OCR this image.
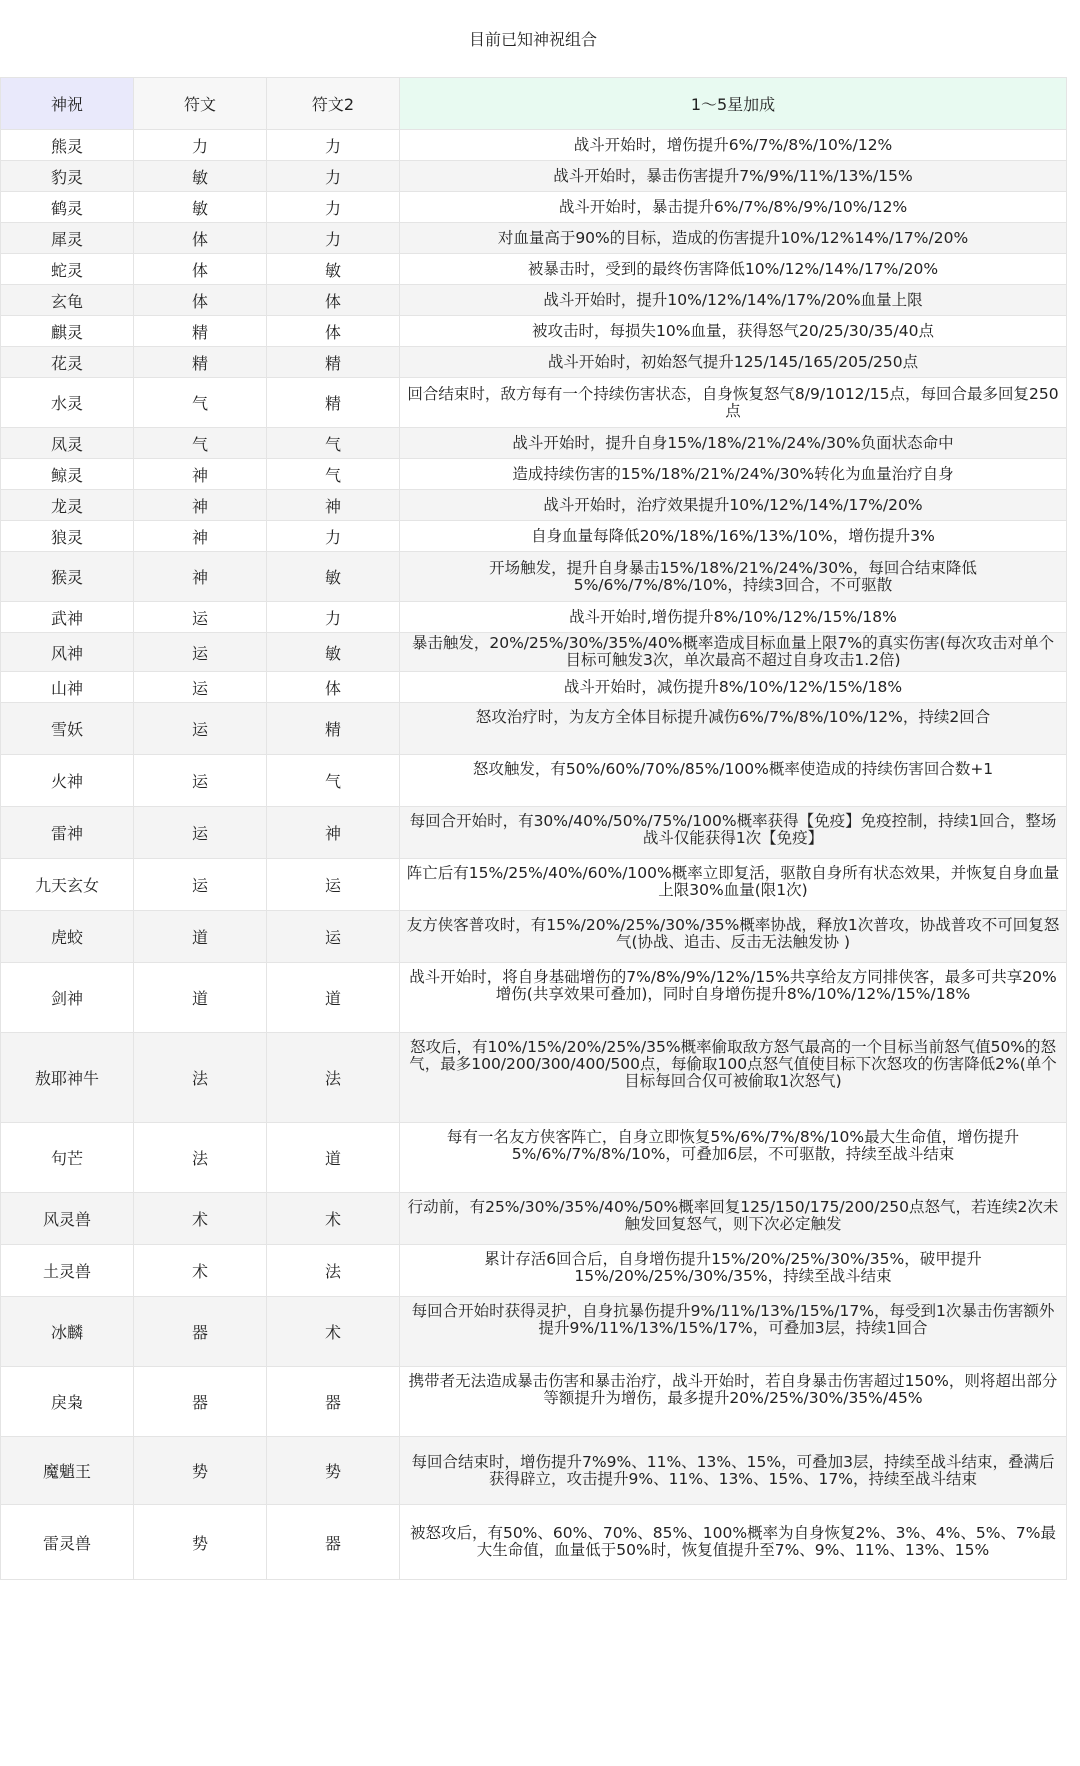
目前已知神祝组合
神祝	符文	符文2	1～5星加成
熊灵	力	力	战斗开始时，增伤提升6%/7%/8%/10%/12%
豹灵	敏	力	战斗开始时，暴击伤害提升7%/9%/11%/13%/15%
鹤灵	敏	力	战斗开始时，暴击提升6%/7%/8%/9%/10%/12%
犀灵	体	力	对血量高于90%的目标，造成的伤害提升10%/12%14%/17%/20%
蛇灵	体	敏	被暴击时，受到的最终伤害降低10%/12%/14%/17%/20%
玄龟	体	体	战斗开始时，提升10%/12%/14%/17%/20%血量上限
麒灵	精	体	被攻击时，每损失10%血量，获得怒气20/25/30/35/40点
花灵	精	精	战斗开始时，初始怒气提升125/145/165/205/250点
水灵	气	精	回合结束时，敌方每有一个持续伤害状态，自身恢复怒气8/9/1012/15点，每回合最多回复250点
凤灵	气	气	战斗开始时，提升自身15%/18%/21%/24%/30%负面状态命中
鲸灵	神	气	造成持续伤害的15%/18%/21%/24%/30%转化为血量治疗自身
龙灵	神	神	战斗开始时，治疗效果提升10%/12%/14%/17%/20%
狼灵	神	力	自身血量每降低20%/18%/16%/13%/10%，增伤提升3%
猴灵	神	敏	开场触发，提升自身暴击15%/18%/21%/24%/30%，每回合结束降低5%/6%/7%/8%/10%，持续3回合，不可驱散
武神	运	力	战斗开始时,增伤提升8%/10%/12%/15%/18%
风神	运	敏	暴击触发，20%/25%/30%/35%/40%概率造成目标血量上限7%的真实伤害(每次攻击对单个目标可触发3次，单次最高不超过自身攻击1.2倍)
山神	运	体	战斗开始时，减伤提升8%/10%/12%/15%/18%
雪妖	运	精	怒攻治疗时，为友方全体目标提升减伤6%/7%/8%/10%/12%，持续2回合
火神	运	气	怒攻触发，有50%/60%/70%/85%/100%概率使造成的持续伤害回合数+1
雷神	运	神	每回合开始时，有30%/40%/50%/75%/100%概率获得【免疫】免疫控制，持续1回合，整场战斗仅能获得1次【免疫】
九天玄女	运	运	阵亡后有15%/25%/40%/60%/100%概率立即复活，驱散自身所有状态效果，并恢复自身血量上限30%血量(限1次)
虎蛟	道	运	友方侠客普攻时，有15%/20%/25%/30%/35%概率协战，释放1次普攻，协战普攻不可回复怒气(协战、追击、反击无法触发协 )
剑神	道	道	战斗开始时，将自身基础增伤的7%/8%/9%/12%/15%共享给友方同排侠客，最多可共享20%增伤(共享效果可叠加)，同时自身增伤提升8%/10%/12%/15%/18%
敖耶神牛	法	法	怒攻后，有10%/15%/20%/25%/35%概率偷取敌方怒气最高的一个目标当前怒气值50%的怒气，最多100/200/300/400/500点，每偷取100点怒气值使目标下次怒攻的伤害降低2%(单个目标每回合仅可被偷取1次怒气)
句芒	法	道	每有一名友方侠客阵亡，自身立即恢复5%/6%/7%/8%/10%最大生命值，增伤提升5%/6%/7%/8%/10%，可叠加6层，不可驱散，持续至战斗结束
风灵兽	术	术	行动前，有25%/30%/35%/40%/50%概率回复125/150/175/200/250点怒气，若连续2次未触发回复怒气，则下次必定触发
土灵兽	术	法	累计存活6回合后，自身增伤提升15%/20%/25%/30%/35%，破甲提升15%/20%/25%/30%/35%，持续至战斗结束
冰麟	器	术	每回合开始时获得灵护，自身抗暴伤提升9%/11%/13%/15%/17%，每受到1次暴击伤害额外提升9%/11%/13%/15%/17%，可叠加3层，持续1回合
戾枭	器	器	携带者无法造成暴击伤害和暴击治疗，战斗开始时，若自身暴击伤害超过150%，则将超出部分等额提升为增伤，最多提升20%/25%/30%/35%/45%
魔魈王	势	势	每回合结束时，增伤提升7%9%、11%、13%、15%，可叠加3层，持续至战斗结束，叠满后获得辟立，攻击提升9%、11%、13%、15%、17%，持续至战斗结束
雷灵兽	势	器	被怒攻后，有50%、60%、70%、85%、100%概率为自身恢复2%、3%、4%、5%、7%最大生命值，血量低于50%时，恢复值提升至7%、9%、11%、13%、15%
